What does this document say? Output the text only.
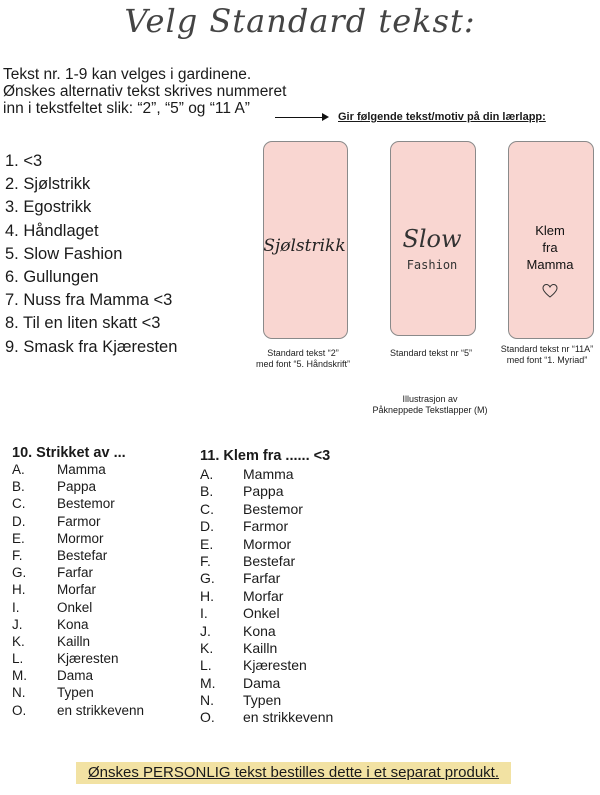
Velg Standard tekst:
Tekst nr. 1-9 kan velges i gardinene.
Ønskes alternativ tekst skrives nummeret
inn i tekstfeltet slik: “2”, “5” og “11 A”	Gir følgende tekst/motiv på din lærlapp:
1. <3
2. Sjølstrikk
3. Egostrikk
4. Håndlaget
5. Slow Fashion
6. Gullungen
7. Nuss fra Mamma <3
8. Til en liten skatt <3
9. Smask fra Kjæresten
Sjølstrikk	Slow
Fashion
Klem
fra
Mamma
Standard tekst “2”
med font “5. Håndskrift”
Standard tekst nr “5”	Standard tekst nr “11A”
med font “1. Myriad”
Illustrasjon av
Påkneppede Tekstlapper (M)
10. Strikket av ...
A. Mamma
B. Pappa
C. Bestemor
D. Farmor
E. Mormor
F.	Bestefar
G. Farfar
H. Morfar
I.	Onkel
J.	Kona
K. Kailln
L. Kjæresten
M. Dama
N. Typen
O. en strikkevenn
11. Klem fra ...... <3
A. Mamma
B. Pappa
C. Bestemor
D. Farmor
E. Mormor
F. Bestefar
G. Farfar
H. Morfar
I.	Onkel
J. Kona
K. Kailln
L. Kjæresten
M. Dama
N. Typen
O. en strikkevenn
Ønskes PERSONLIG tekst bestilles dette i et separat produkt.
